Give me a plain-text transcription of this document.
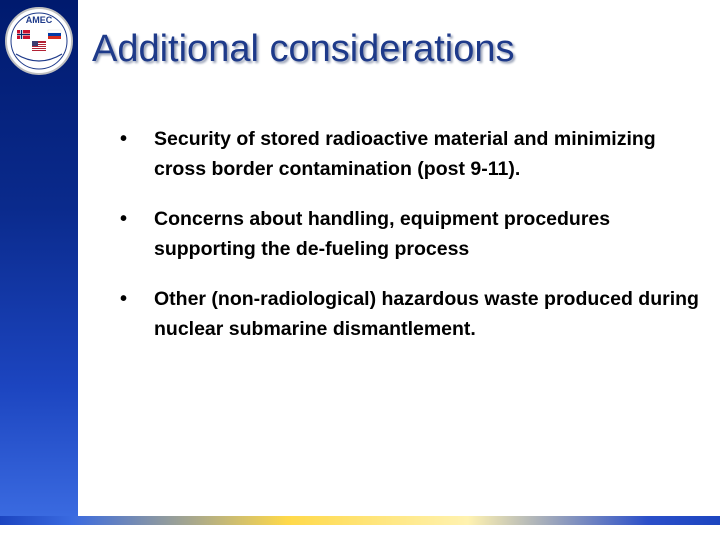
AMEC
Additional considerations
• Security of stored radioactive material and minimizing cross border contamination (post 9-11).
• Concerns about handling, equipment procedures supporting the de-fueling process
• Other (non-radiological) hazardous waste produced during nuclear submarine dismantlement.
